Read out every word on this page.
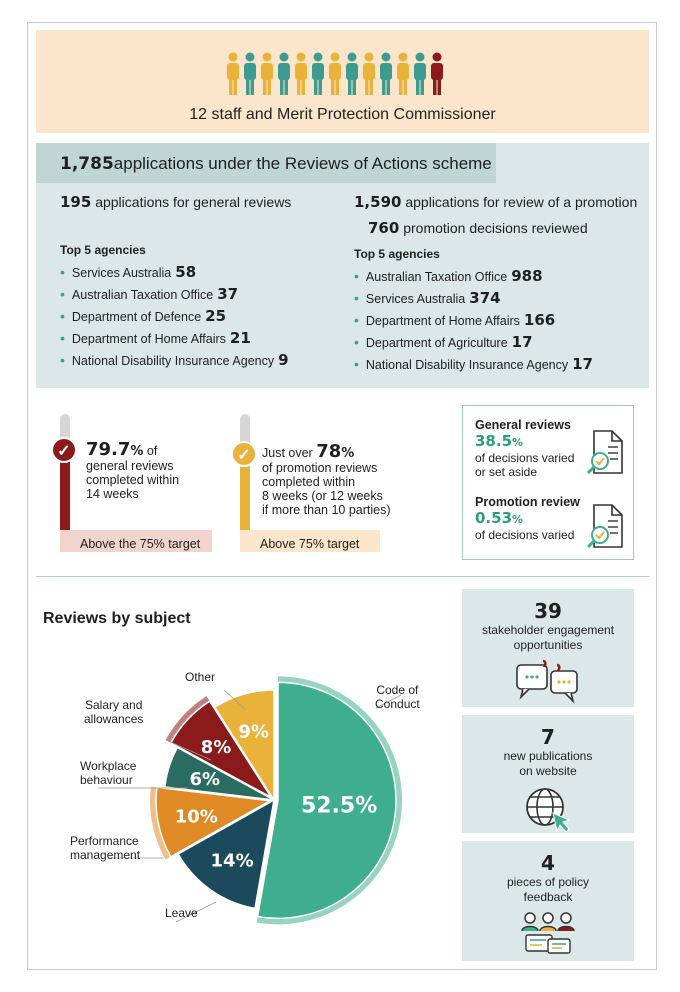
12 staff and Merit Protection Commissioner
1,785applications under the Reviews of Actions scheme
195 applications for general reviews
Top 5 agencies
• Services Australia 58
• Australian Taxation Office 37
• Department of Defence 25
• Department of Home Affairs 21
• National Disability Insurance Agency 9
1,590 applications for review of a promotion
760 promotion decisions reviewed
Top 5 agencies
• Australian Taxation Office 988
• Services Australia 374
• Department of Home Affairs 166
• Department of Agriculture 17
• National Disability Insurance Agency 17
✓ 79.7% of
general reviews
completed within
14 weeks
Above the 75% target
✓ Just over 78%
of promotion reviews
completed within
8 weeks (or 12 weeks
if more than 10 parties)
Above 75% target
General reviews
38.5%
of decisions varied
or set aside
Promotion review
0.53%
of decisions varied
39
stakeholder engagement
opportunities
7
new publications
on website
4
pieces of policy
feedback
Reviews by subject
52.5%
14%
10%
6%
8%
9%
Code of
Conduct
Leave
Performance
management
Workplace
behaviour
Salary and
allowances
Other
